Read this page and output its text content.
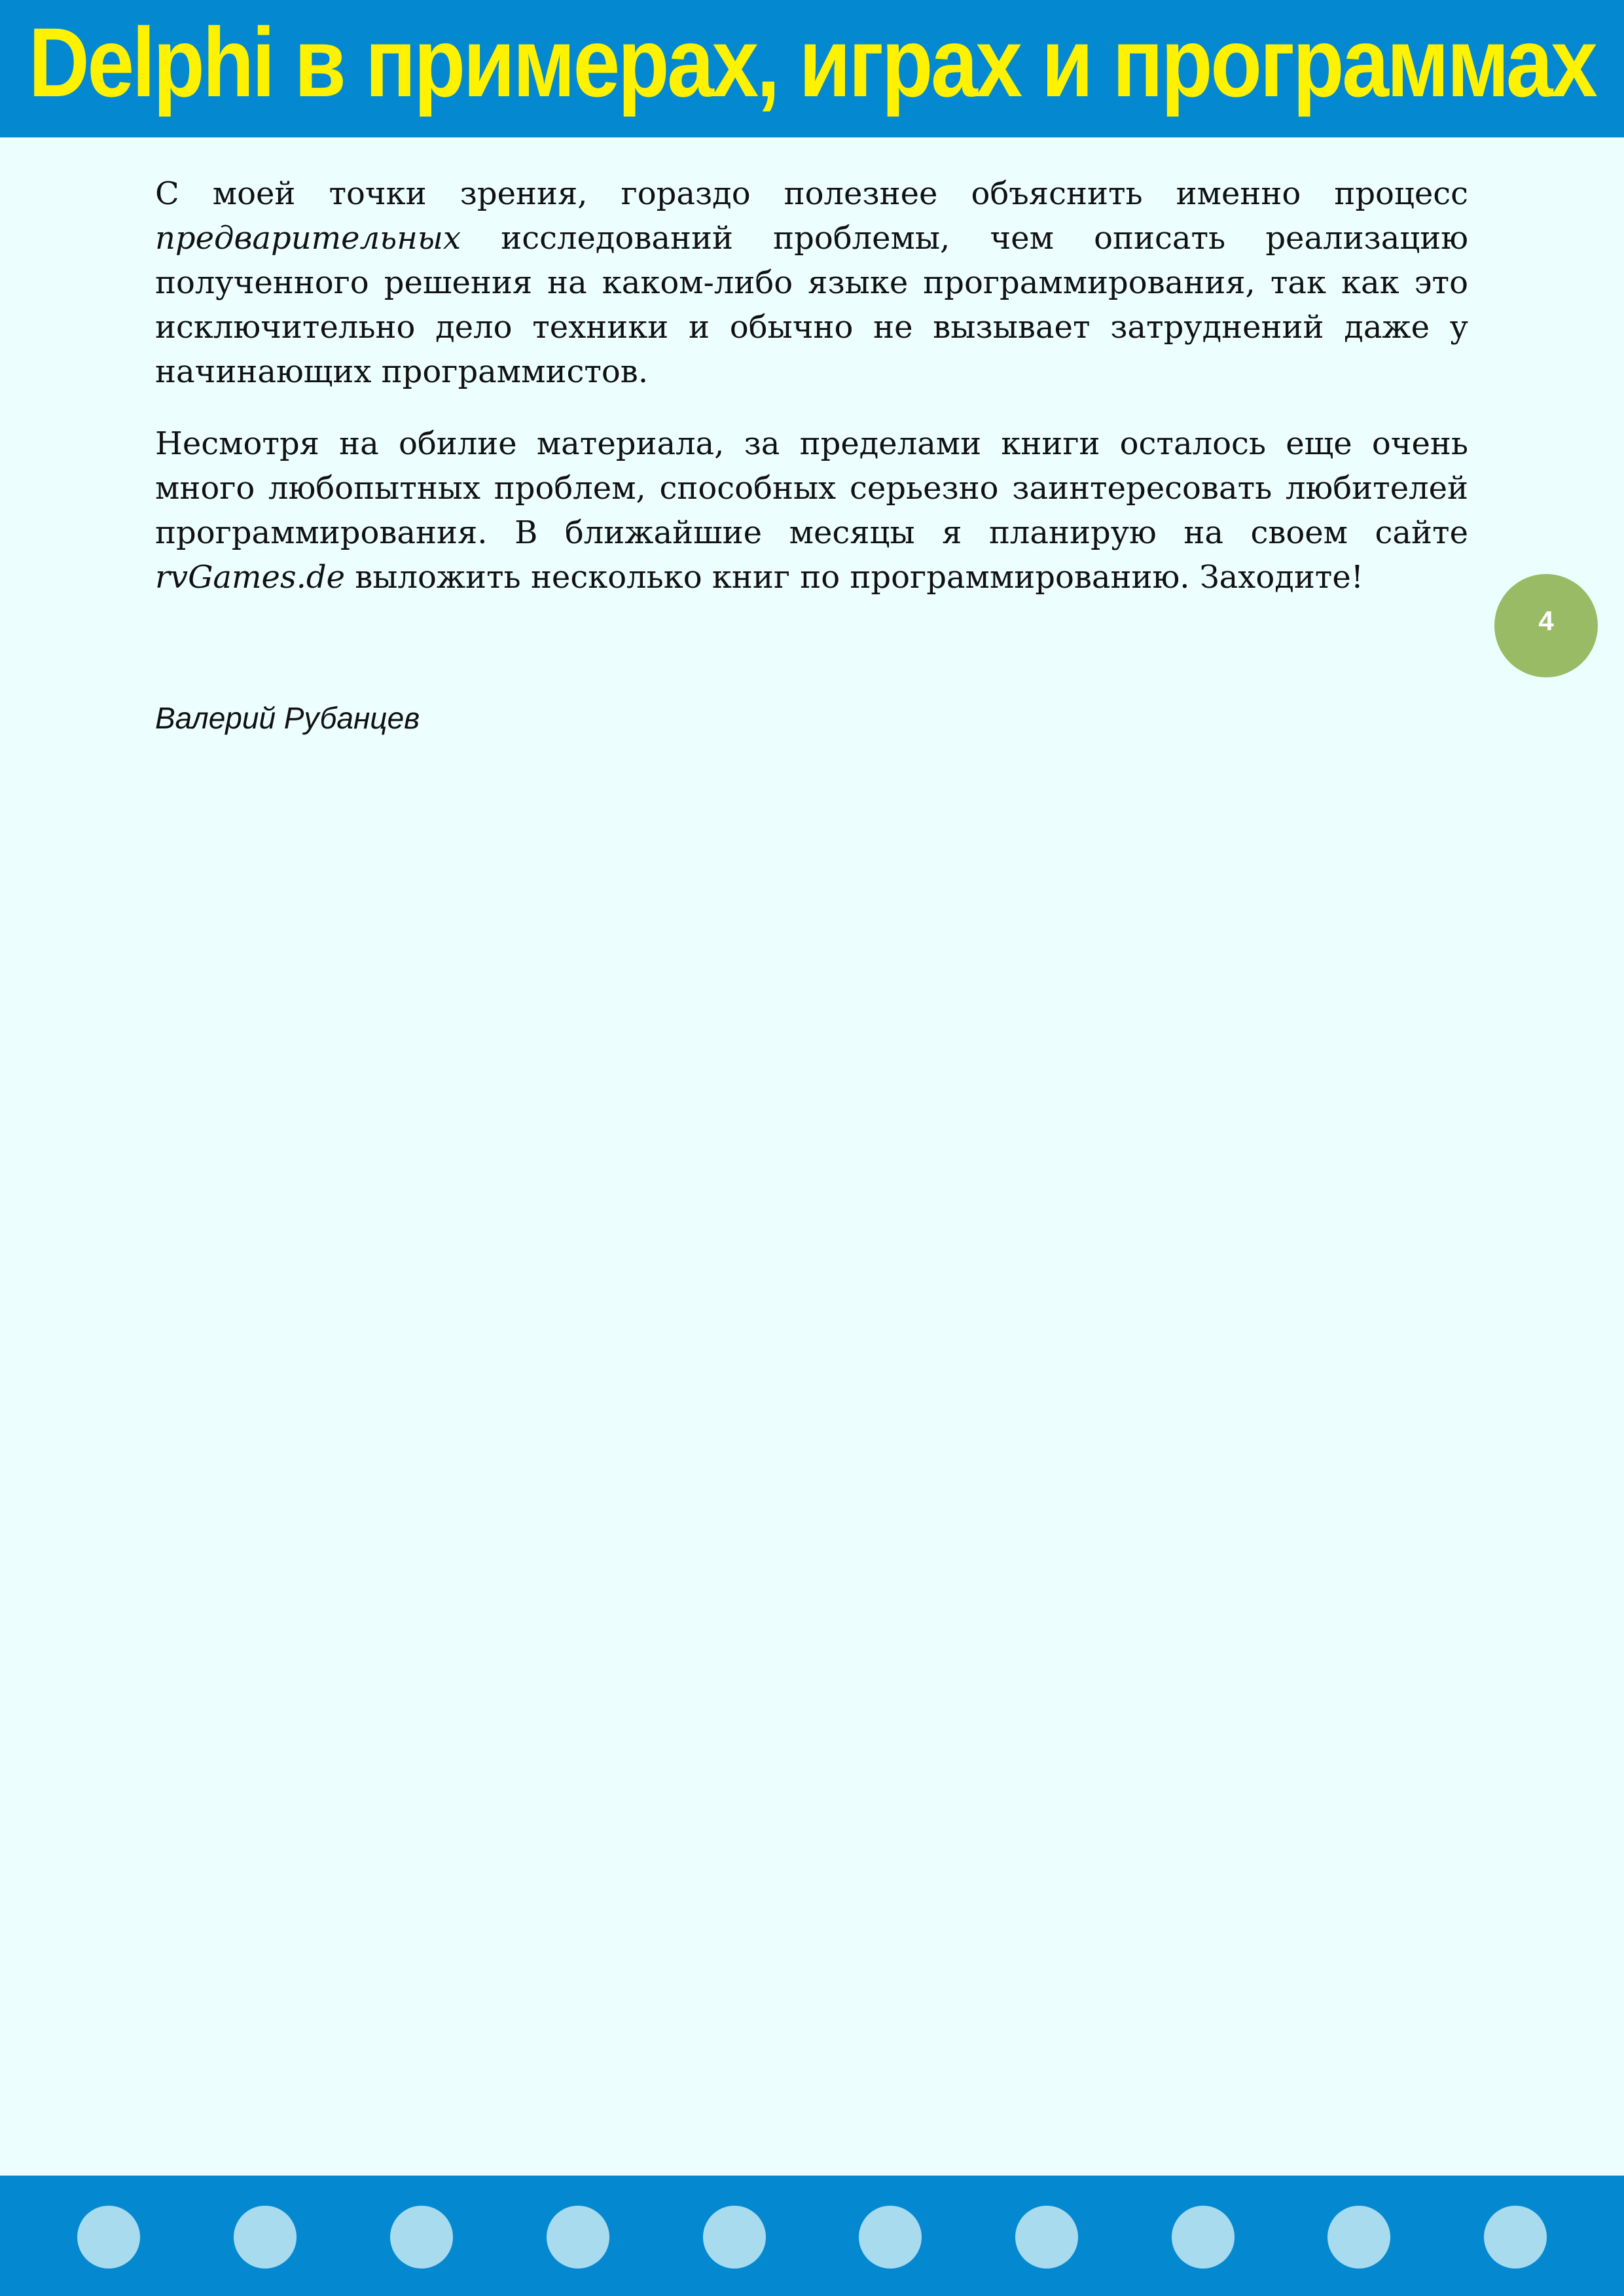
Delphi в примерах, играх и программах

С моей точки зрения, гораздо полезнее объяснить именно процесс предварительных исследований проблемы, чем описать реализацию полученного решения на каком-либо языке программирования, так как это исключительно дело техники и обычно не вызывает затруднений даже у начинающих программистов.

Несмотря на обилие материала, за пределами книги осталось еще очень много любопытных проблем, способных серьезно заинтересовать любителей программирования. В ближайшие месяцы я планирую на своем сайте rvGames.de выложить несколько книг по программированию. Заходите!

Валерий Рубанцев
4
